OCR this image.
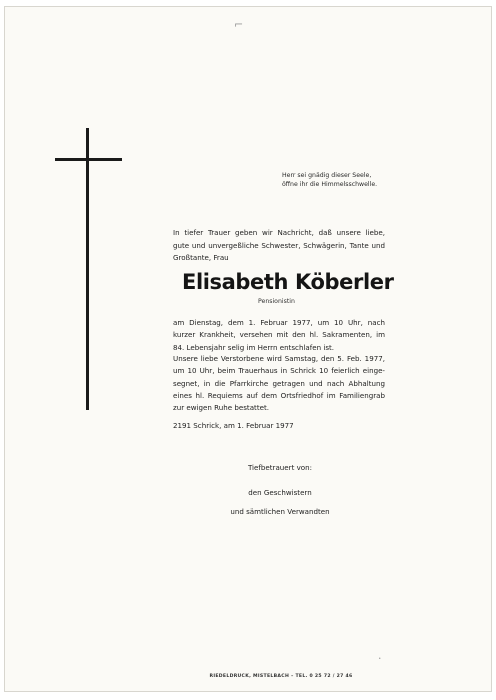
⌐
·
Herr sei gnädig dieser Seele,
öffne ihr die Himmelsschwelle.
In tiefer Trauer geben wir Nachricht, daß unsere liebe,
gute und unvergeßliche Schwester, Schwägerin, Tante und
Großtante, Frau
Elisabeth Köberler
Pensionistin
am Dienstag, dem 1. Februar 1977, um 10 Uhr, nach
kurzer Krankheit, versehen mit den hl. Sakramenten, im
84. Lebensjahr selig im Herrn entschlafen ist.
Unsere liebe Verstorbene wird Samstag, den 5. Feb. 1977,
um 10 Uhr, beim Trauerhaus in Schrick 10 feierlich einge-
segnet, in die Pfarrkirche getragen und nach Abhaltung
eines hl. Requiems auf dem Ortsfriedhof im Familiengrab
zur ewigen Ruhe bestattet.
2191 Schrick, am 1. Februar 1977
Tiefbetrauert von:
den Geschwistern
und sämtlichen Verwandten
RIEDELDRUCK, MISTELBACH – TEL. 0 25 72 / 27 46
